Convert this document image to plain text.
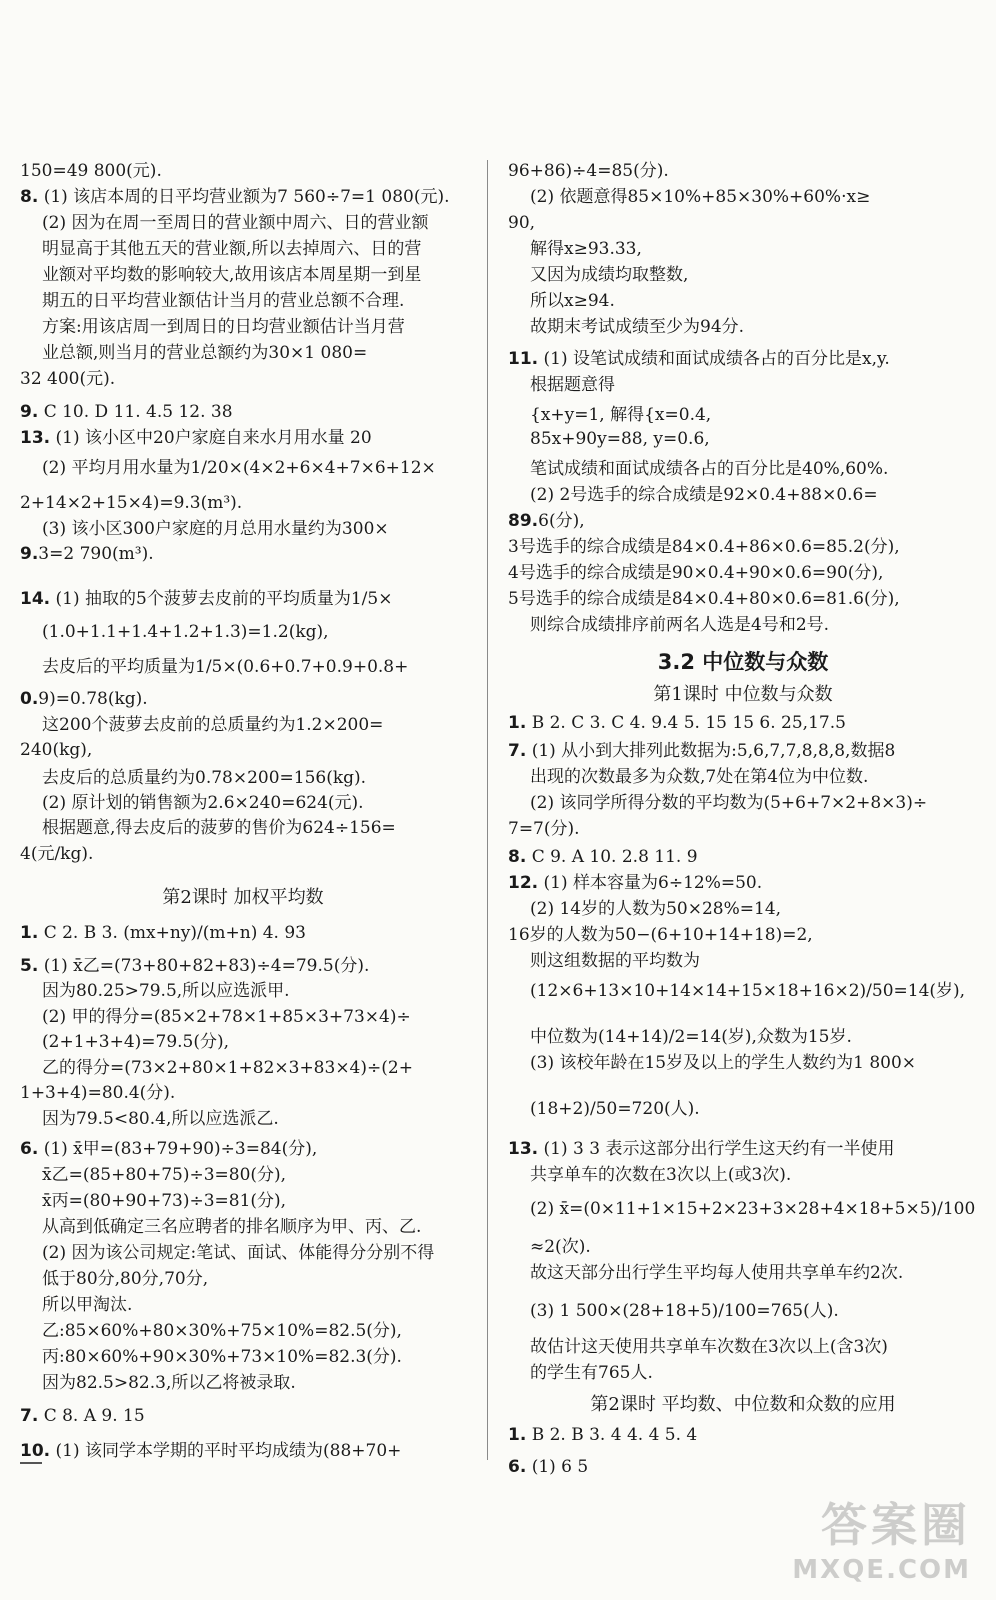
150=49 800(元).
8. (1) 该店本周的日平均营业额为7 560÷7=1 080(元).
(2) 因为在周一至周日的营业额中周六、日的营业额
明显高于其他五天的营业额,所以去掉周六、日的营
业额对平均数的影响较大,故用该店本周星期一到星
期五的日平均营业额估计当月的营业总额不合理.
方案:用该店周一到周日的日均营业额估计当月营
业总额,则当月的营业总额约为30×1 080=
32 400(元).
9. C 10. D 11. 4.5 12. 38
13. (1) 该小区中20户家庭自来水月用水量 20
(2) 平均月用水量为1/20×(4×2+6×4+7×6+12×
2+14×2+15×4)=9.3(m³).
(3) 该小区300户家庭的月总用水量约为300×
9.3=2 790(m³).
14. (1) 抽取的5个菠萝去皮前的平均质量为1/5×
(1.0+1.1+1.4+1.2+1.3)=1.2(kg),
去皮后的平均质量为1/5×(0.6+0.7+0.9+0.8+
0.9)=0.78(kg).
这200个菠萝去皮前的总质量约为1.2×200=
240(kg),
去皮后的总质量约为0.78×200=156(kg).
(2) 原计划的销售额为2.6×240=624(元).
根据题意,得去皮后的菠萝的售价为624÷156=
4(元/kg).
第2课时 加权平均数
1. C 2. B 3. (mx+ny)/(m+n) 4. 93
5. (1) x̄乙=(73+80+82+83)÷4=79.5(分).
因为80.25>79.5,所以应选派甲.
(2) 甲的得分=(85×2+78×1+85×3+73×4)÷
(2+1+3+4)=79.5(分),
乙的得分=(73×2+80×1+82×3+83×4)÷(2+
1+3+4)=80.4(分).
因为79.5<80.4,所以应选派乙.
6. (1) x̄甲=(83+79+90)÷3=84(分),
x̄乙=(85+80+75)÷3=80(分),
x̄丙=(80+90+73)÷3=81(分),
从高到低确定三名应聘者的排名顺序为甲、丙、乙.
(2) 因为该公司规定:笔试、面试、体能得分分别不得
低于80分,80分,70分,
所以甲淘汰.
乙:85×60%+80×30%+75×10%=82.5(分),
丙:80×60%+90×30%+73×10%=82.3(分).
因为82.5>82.3,所以乙将被录取.
7. C 8. A 9. 15
10. (1) 该同学本学期的平时平均成绩为(88+70+
96+86)÷4=85(分).
(2) 依题意得85×10%+85×30%+60%·x≥
90,
解得x≥93.33,
又因为成绩均取整数,
所以x≥94.
故期末考试成绩至少为94分.
11. (1) 设笔试成绩和面试成绩各占的百分比是x,y.
根据题意得
{x+y=1, 解得{x=0.4,
85x+90y=88, y=0.6,
笔试成绩和面试成绩各占的百分比是40%,60%.
(2) 2号选手的综合成绩是92×0.4+88×0.6=
89.6(分),
3号选手的综合成绩是84×0.4+86×0.6=85.2(分),
4号选手的综合成绩是90×0.4+90×0.6=90(分),
5号选手的综合成绩是84×0.4+80×0.6=81.6(分),
则综合成绩排序前两名人选是4号和2号.
3.2 中位数与众数
第1课时 中位数与众数
1. B 2. C 3. C 4. 9.4 5. 15 15 6. 25,17.5
7. (1) 从小到大排列此数据为:5,6,7,7,8,8,8,数据8
出现的次数最多为众数,7处在第4位为中位数.
(2) 该同学所得分数的平均数为(5+6+7×2+8×3)÷
7=7(分).
8. C 9. A 10. 2.8 11. 9
12. (1) 样本容量为6÷12%=50.
(2) 14岁的人数为50×28%=14,
16岁的人数为50−(6+10+14+18)=2,
则这组数据的平均数为
(12×6+13×10+14×14+15×18+16×2)/50=14(岁),
中位数为(14+14)/2=14(岁),众数为15岁.
(3) 该校年龄在15岁及以上的学生人数约为1 800×
(18+2)/50=720(人).
13. (1) 3 3 表示这部分出行学生这天约有一半使用
共享单车的次数在3次以上(或3次).
(2) x̄=(0×11+1×15+2×23+3×28+4×18+5×5)/100
≈2(次).
故这天部分出行学生平均每人使用共享单车约2次.
(3) 1 500×(28+18+5)/100=765(人).
故估计这天使用共享单车次数在3次以上(含3次)
的学生有765人.
第2课时 平均数、中位数和众数的应用
1. B 2. B 3. 4 4. 4 5. 4
6. (1) 6 5
答案圈
MXQE.COM
